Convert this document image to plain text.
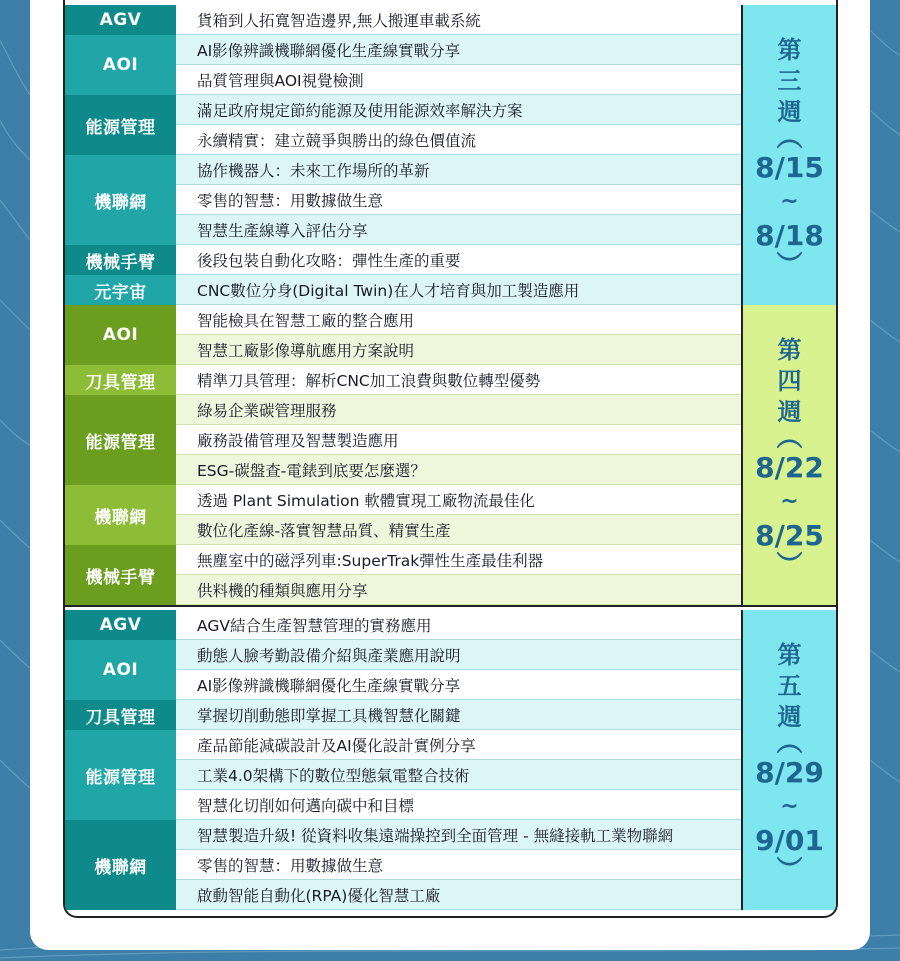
AGV
AOI
能源管理
機聯網
機械手臂
元宇宙
貨箱到人拓寬智造邊界,無人搬運車載系統
AI影像辨識機聯網優化生產線實戰分享
品質管理與AOI視覺檢測
滿足政府規定節約能源及使用能源效率解決方案
永續精實：建立競爭與勝出的綠色價值流
協作機器人：未來工作場所的革新
零售的智慧：用數據做生意
智慧生產線導入評估分享
後段包裝自動化攻略：彈性生產的重要
CNC數位分身(Digital Twin)在人才培育與加工製造應用
第
三
週
︵
8/15
~
8/18
︶
AOI
刀具管理
能源管理
機聯網
機械手臂
智能檢具在智慧工廠的整合應用
智慧工廠影像導航應用方案說明
精準刀具管理：解析CNC加工浪費與數位轉型優勢
綠易企業碳管理服務
廠務設備管理及智慧製造應用
ESG-碳盤查-電錶到底要怎麼選？
透過 Plant Simulation 軟體實現工廠物流最佳化
數位化產線-落實智慧品質、精實生產
無塵室中的磁浮列車:SuperTrak彈性生產最佳利器
供料機的種類與應用分享
第
四
週
︵
8/22
~
8/25
︶
AGV
AOI
刀具管理
能源管理
機聯網
AGV結合生產智慧管理的實務應用
動態人臉考勤設備介紹與產業應用說明
AI影像辨識機聯網優化生產線實戰分享
掌握切削動態即掌握工具機智慧化關鍵
產品節能減碳設計及AI優化設計實例分享
工業4.0架構下的數位型態氣電整合技術
智慧化切削如何邁向碳中和目標
智慧製造升級! 從資料收集遠端操控到全面管理 - 無縫接軌工業物聯網
零售的智慧：用數據做生意
啟動智能自動化(RPA)優化智慧工廠
第
五
週
︵
8/29
~
9/01
︶
